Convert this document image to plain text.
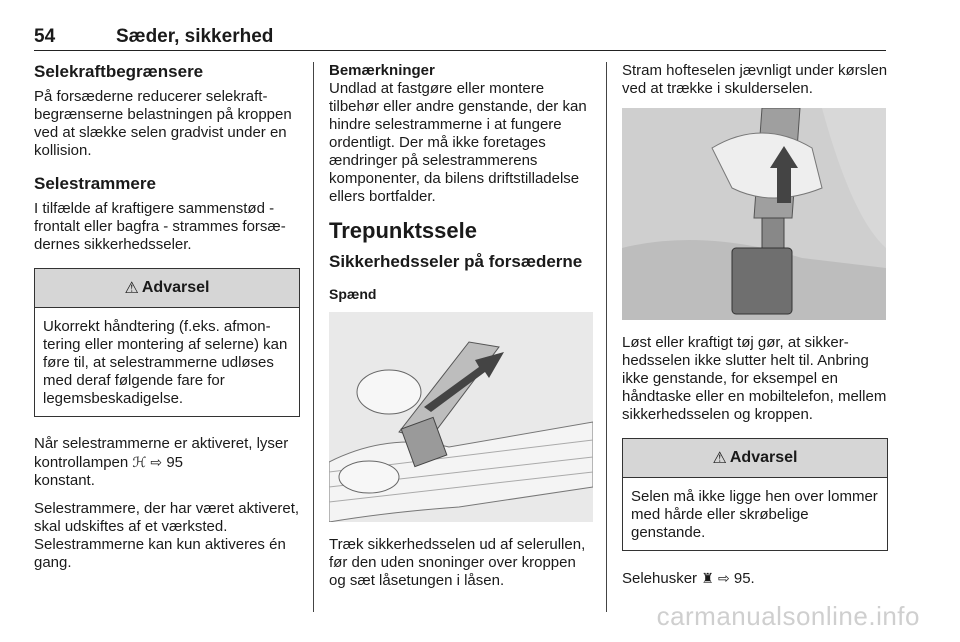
54	Sæder, sikkerhed
Selekraftbegrænsere

På forsæderne reducerer selekraftbegrænserne belastningen på kroppen ved at slække selen gradvist under en kollision.

Selestrammere

I tilfælde af kraftigere sammenstød - frontalt eller bagfra - strammes forsædernes sikkerhedsseler.

⚠ Advarsel
Ukorrekt håndtering (f.eks. afmontering eller montering af selerne) kan føre til, at selestrammerne udløses med deraf følgende fare for legemsbeskadigelse.

Når selestrammerne er aktiveret, lyser kontrollampen ℋ ⇨ 95
konstant.

Selestrammere, der har været aktiveret, skal udskiftes af et værksted. Selestrammerne kan kun aktiveres én gang.

Bemærkninger

Undlad at fastgøre eller montere tilbehør eller andre genstande, der kan hindre selestrammerne i at fungere ordentligt. Der må ikke foretages ændringer på selestrammerens komponenter, da bilens driftstilladelse ellers bortfalder.

Trepunktssele
Sikkerhedsseler på forsæderne
Spænd

Træk sikkerhedsselen ud af selerullen, før den uden snoninger over kroppen og sæt låsetungen i låsen.

Stram hofteselen jævnligt under kørslen ved at trække i skulderselen.

Løst eller kraftigt tøj gør, at sikkerhedsselen ikke slutter helt til. Anbring ikke genstande, for eksempel en håndtaske eller en mobiltelefon, mellem sikkerhedsselen og kroppen.

⚠ Advarsel
Selen må ikke ligge hen over lommer med hårde eller skrøbelige genstande.

Selehusker ♜ ⇨ 95.

carmanualsonline.info
